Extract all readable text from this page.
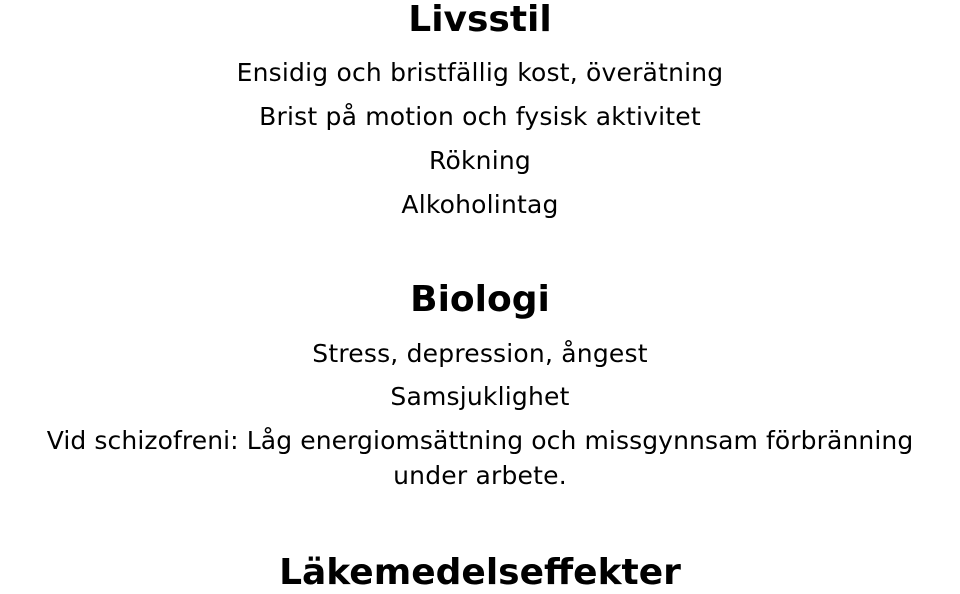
Livsstil
Ensidig och bristfällig kost, överätning
Brist på motion och fysisk aktivitet
Rökning
Alkoholintag
Biologi
Stress, depression, ångest
Samsjuklighet
Vid schizofreni: Låg energiomsättning och missgynnsam förbränning
under arbete.
Läkemedelseffekter
